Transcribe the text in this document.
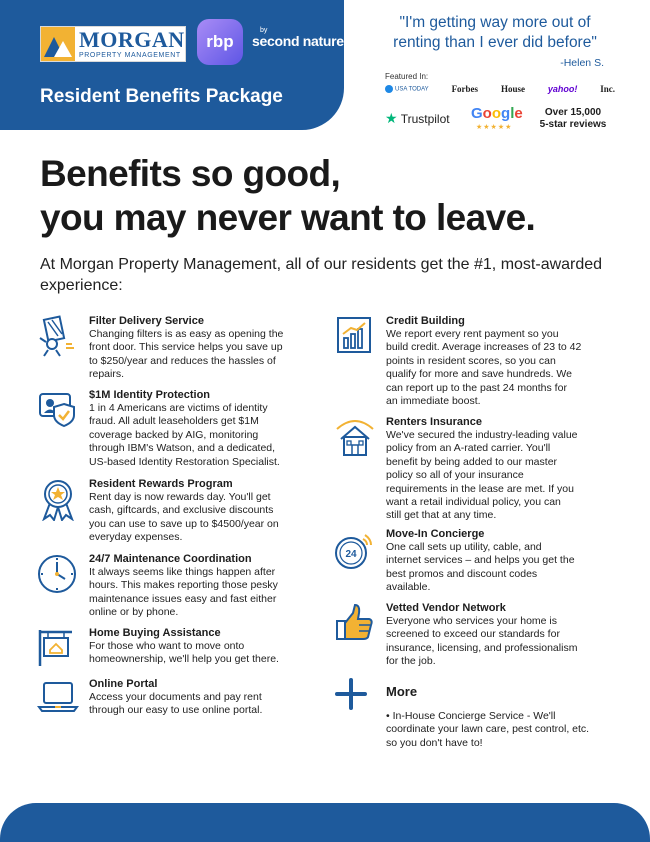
MORGAN
PROPERTY MANAGEMENT
rbp
by
second nature
Resident Benefits Package
"I'm getting way more out of renting than I ever did before"
-Helen S.
Featured In:
USA TODAY	Forbes	House	yahoo!	Inc.
★ Trustpilot Google
★★★★★
Over 15,000
5-star reviews
Benefits so good,
you may never want to leave.
At Morgan Property Management, all of our residents get the #1, most-awarded experience:
Filter Delivery Service
Changing filters is as easy as opening the
front door. This service helps you save up
to $250/year and reduces the hassles of
repairs.
$1M Identity Protection
1 in 4 Americans are victims of identity
fraud. All adult leaseholders get $1M
coverage backed by AIG, monitoring
through IBM's Watson, and a dedicated,
US-based Identity Restoration Specialist.
Resident Rewards Program
Rent day is now rewards day. You'll get
cash, giftcards, and exclusive discounts
you can use to save up to $4500/year on
everyday expenses.
24/7 Maintenance Coordination
It always seems like things happen after
hours. This makes reporting those pesky
maintenance issues easy and fast either
online or by phone.
Home Buying Assistance
For those who want to move onto
homeownership, we'll help you get there.
Online Portal
Access your documents and pay rent
through our easy to use online portal.
Credit Building
We report every rent payment so you
build credit. Average increases of 23 to 42
points in resident scores, so you can
qualify for more and save hundreds. We
can report up to the past 24 months for
an immediate boost.
Renters Insurance
We've secured the industry-leading value
policy from an A-rated carrier. You'll
benefit by being added to our master
policy so all of your insurance
requirements in the lease are met. If you
want a retail individual policy, you can
still get that at any time.
24
Move-In Concierge
One call sets up utility, cable, and
internet services – and helps you get the
best promos and discount codes
available.
Vetted Vendor Network
Everyone who services your home is
screened to exceed our standards for
insurance, licensing, and professionalism
for the job.
More
• In-House Concierge Service - We'll
coordinate your lawn care, pest control, etc.
so you don't have to!
